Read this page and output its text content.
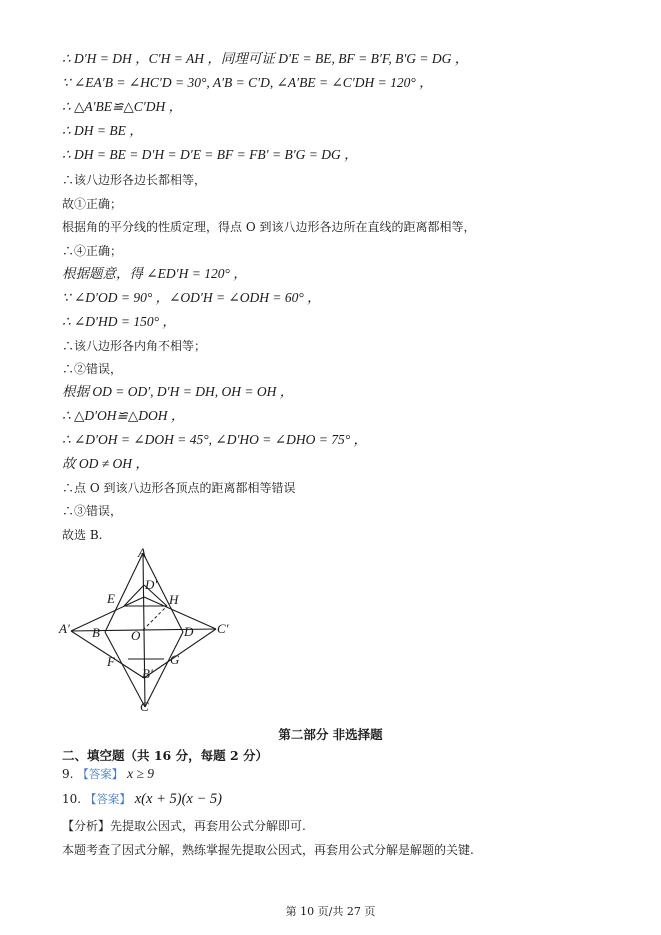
∴ D′H = DH ，C′H = AH ，同理可证 D′E = BE, BF = B′F, B′G = DG ，
∵ ∠EA′B = ∠HC′D = 30°, A′B = C′D, ∠A′BE = ∠C′DH = 120° ，
∴ △A′BE≌△C′DH ，
∴ DH = BE ，
∴ DH = BE = D′H = D′E = BF = FB′ = B′G = DG ，
∴该八边形各边长都相等，
故①正确；
根据角的平分线的性质定理，得点 O 到该八边形各边所在直线的距离都相等，
∴④正确；
根据题意，得 ∠ED′H = 120° ，
∵ ∠D′OD = 90° ，∠OD′H = ∠ODH = 60° ，
∴ ∠D′HD = 150° ，
∴该八边形各内角不相等；
∴②错误，
根据 OD = OD′, D′H = DH, OH = OH ，
∴ △D′OH≌△DOH ，
∴ ∠D′OH = ∠DOH = 45°, ∠D′HO = ∠DHO = 75° ，
故 OD ≠ OH ，
∴点 O 到该八边形各顶点的距离都相等错误
∴③错误，
故选 B.
A
D′
E	H
A′ B O	D C′
F	G
B′
C
第二部分 非选择题
二、填空题（共 16 分，每题 2 分）
9. 【答案】 x ≥ 9
10. 【答案】 x(x + 5)(x − 5)
【分析】先提取公因式，再套用公式分解即可.
本题考查了因式分解，熟练掌握先提取公因式，再套用公式分解是解题的关键.
第 10 页/共 27 页
